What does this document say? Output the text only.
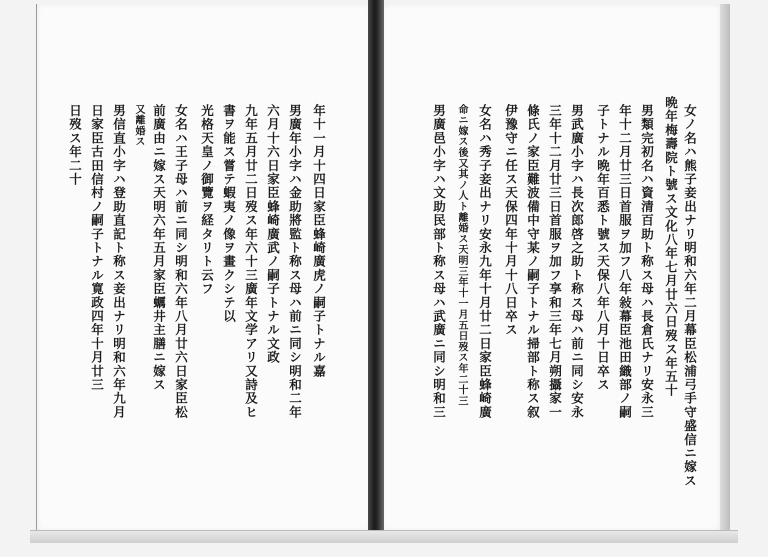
女ノ名ハ熊子妾出ナリ明和六年二月幕臣松浦弓手守盛信ニ嫁ス
晩年梅壽院ト號ス文化八年七月廿六日歿ス年五十
男類完初名ハ資清百助ト称ス母ハ長倉氏ナリ安永三
年十二月廿三日首服ヲ加フ八年敍幕臣池田織部ノ嗣
子トナル晩年百悉ト號ス天保八年八月十日卒ス
男武廣小字ハ長次郎啓之助ト称ス母ハ前ニ同シ安永
三年十二月廿三日首服ヲ加フ享和三年七月朔攝家一
條氏ノ家臣難波備中守某ノ嗣子トナル掃部ト称ス叙
伊豫守ニ任ス天保四年十月十八日卒ス
女名ハ秀子妾出ナリ安永九年十月廿二日家臣蜂崎廣
命ニ嫁ス後又其ノ人ト離婚ス天明三年十一月五日歿ス年二十三
男廣邑小字ハ文助民部ト称ス母ハ武廣ニ同シ明和三
年十一月十四日家臣蜂崎廣虎ノ嗣子トナル嘉
男廣年小字ハ金助將監ト称ス母ハ前ニ同シ明和二年
六月十六日家臣蜂崎廣武ノ嗣子トナル文政
九年五月廿二日歿ス年六十三廣年文学アリ又詩及ヒ
書ヲ能ス嘗テ蝦夷ノ像ヲ畫クシテ以
光格天皇ノ御覽ヲ経タリト云フ
女名ハ王子母ハ前ニ同シ明和六年八月廿六日家臣松
前廣由ニ嫁ス天明六年五月家臣蠣井主膳ニ嫁ス
又離婚ス
男信直小字ハ登助直記ト称ス妾出ナリ明和六年九月
日家臣古田信村ノ嗣子トナル寛政四年十月廿三
日歿ス年二十
